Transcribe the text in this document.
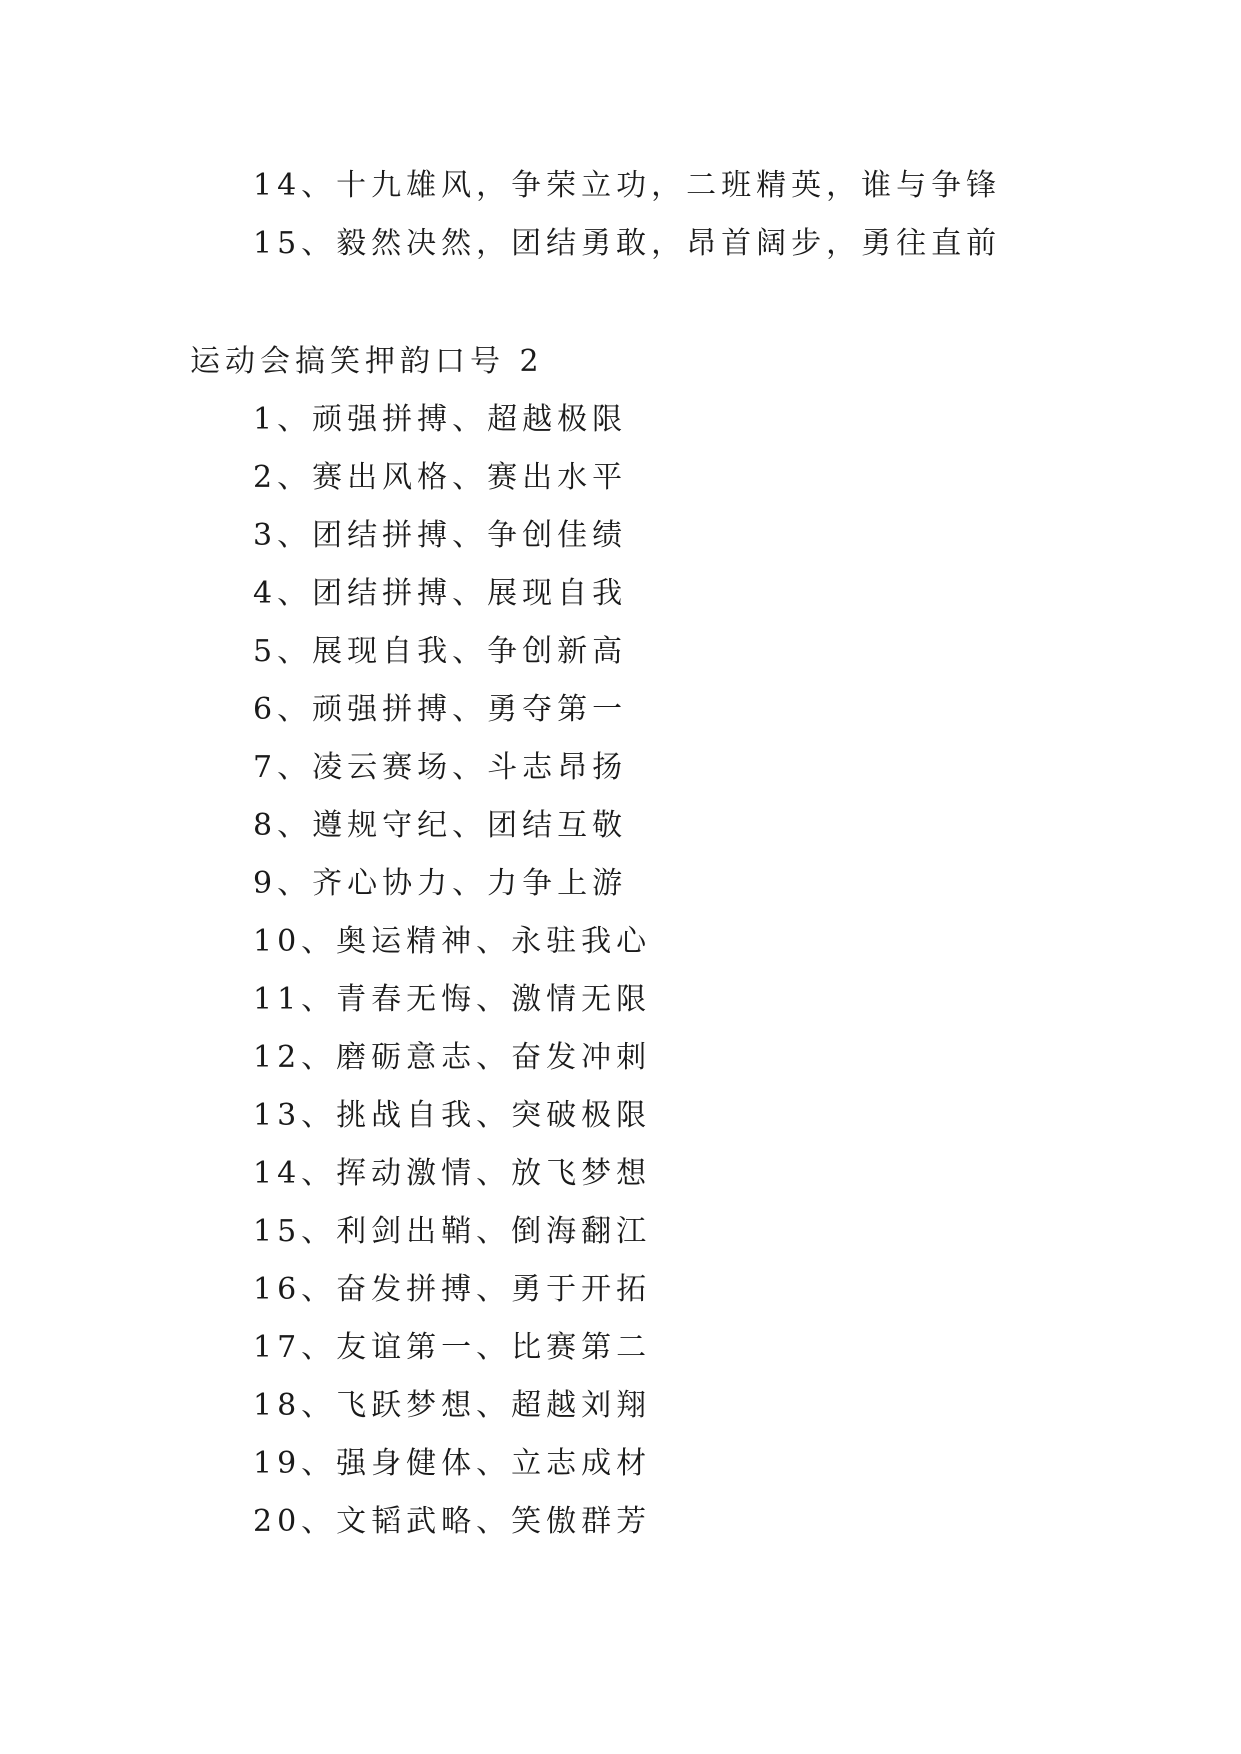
14、十九雄风，争荣立功，二班精英，谁与争锋
15、毅然决然，团结勇敢，昂首阔步，勇往直前
运动会搞笑押韵口号 2
1、顽强拼搏、超越极限
2、赛出风格、赛出水平
3、团结拼搏、争创佳绩
4、团结拼搏、展现自我
5、展现自我、争创新高
6、顽强拼搏、勇夺第一
7、凌云赛场、斗志昂扬
8、遵规守纪、团结互敬
9、齐心协力、力争上游
10、奥运精神、永驻我心
11、青春无悔、激情无限
12、磨砺意志、奋发冲刺
13、挑战自我、突破极限
14、挥动激情、放飞梦想
15、利剑出鞘、倒海翻江
16、奋发拼搏、勇于开拓
17、友谊第一、比赛第二
18、飞跃梦想、超越刘翔
19、强身健体、立志成材
20、文韬武略、笑傲群芳
